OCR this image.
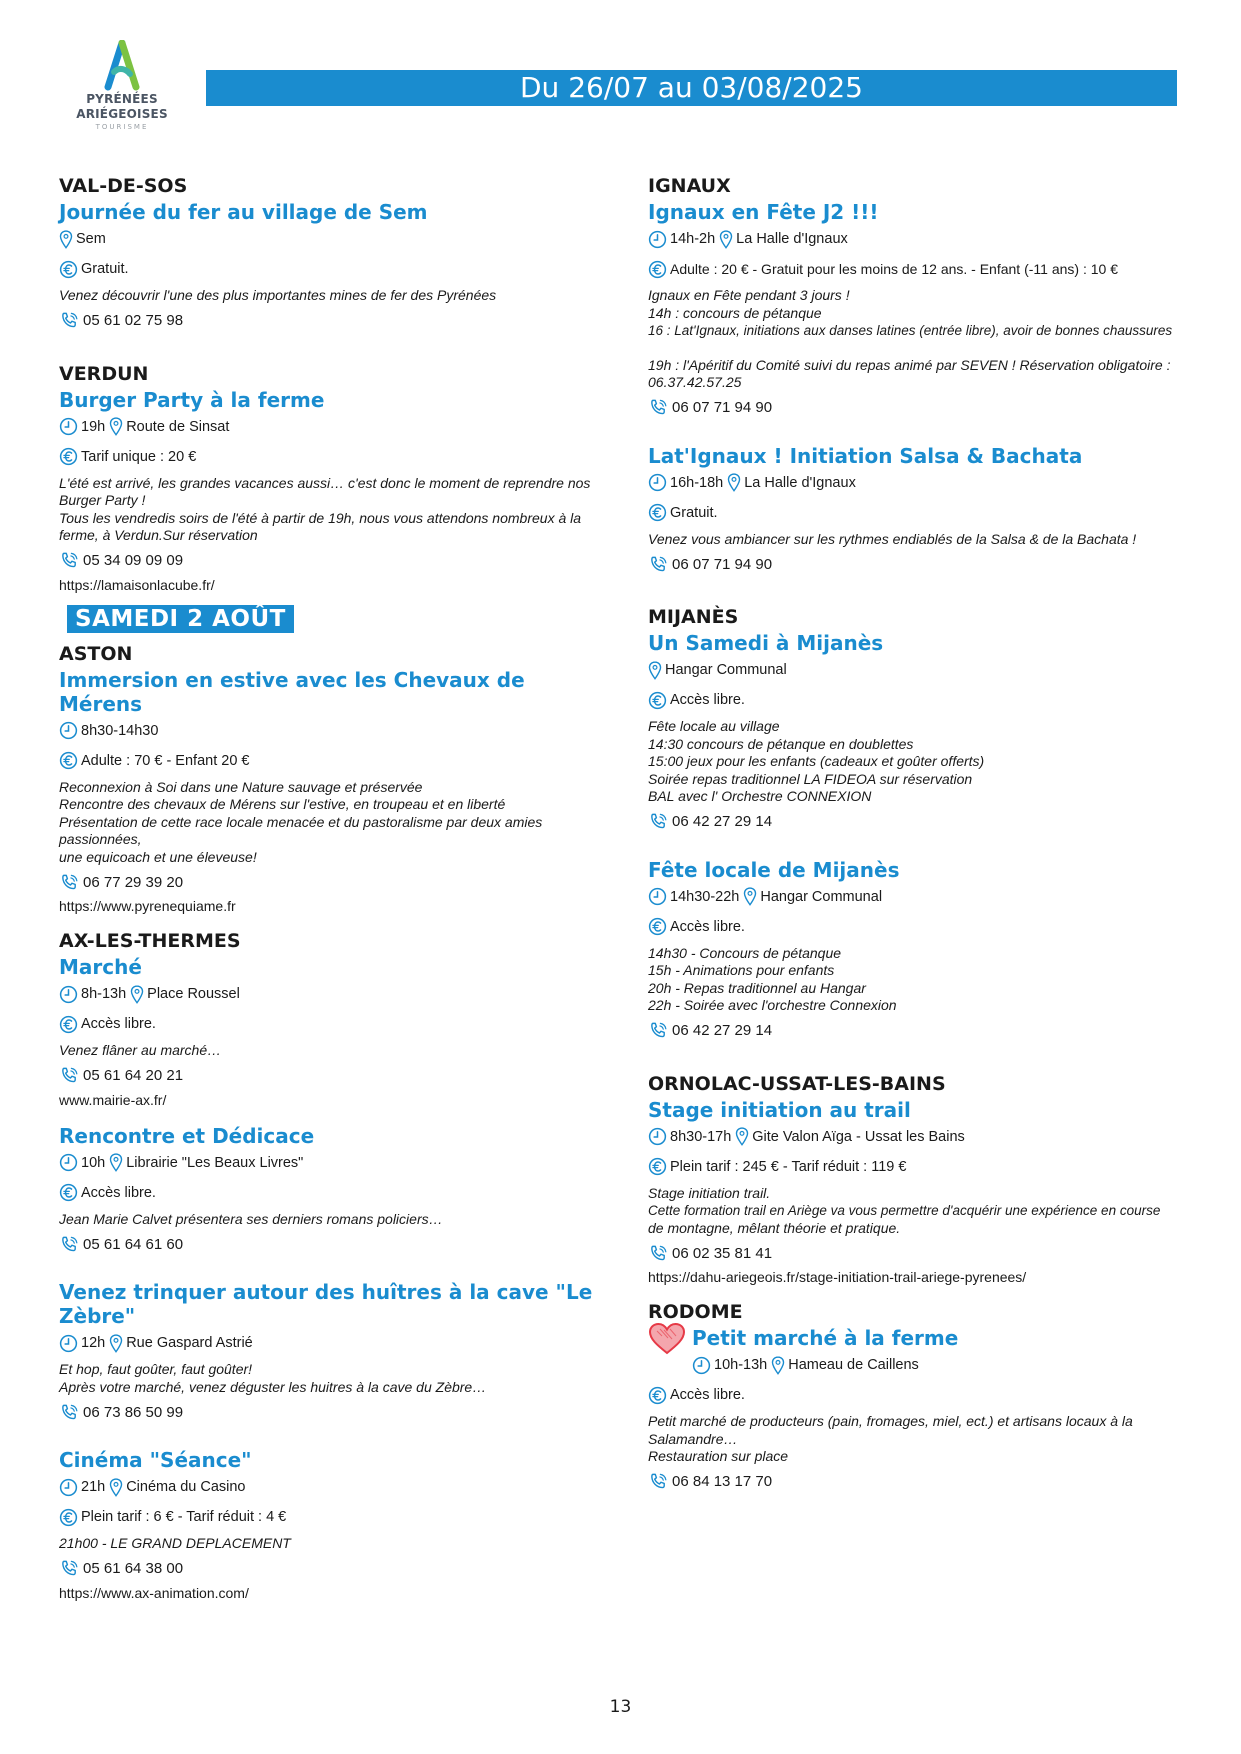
PYRÉNÉES
ARIÉGEOISES
TOURISME
Du 26/07 au 03/08/2025
VAL-DE-SOS
Journée du fer au village de Sem
Sem
Gratuit.
Venez découvrir l'une des plus importantes mines de fer des Pyrénées
05 61 02 75 98
VERDUN
Burger Party à la ferme
19h Route de Sinsat
Tarif unique : 20 €
L'été est arrivé, les grandes vacances aussi… c'est donc le moment de reprendre nos
Burger Party !
Tous les vendredis soirs de l'été à partir de 19h, nous vous attendons nombreux à la
ferme, à Verdun.Sur réservation
05 34 09 09 09
https://lamaisonlacube.fr/
SAMEDI 2 AOÛT
ASTON
Immersion en estive avec les Chevaux de Mérens
8h30-14h30
Adulte : 70 € - Enfant 20 €
Reconnexion à Soi dans une Nature sauvage et préservée
Rencontre des chevaux de Mérens sur l'estive, en troupeau et en liberté
Présentation de cette race locale menacée et du pastoralisme par deux amies passionnées,
une equicoach et une éleveuse!
06 77 29 39 20
https://www.pyrenequiame.fr
AX-LES-THERMES
Marché
8h-13h Place Roussel
Accès libre.
Venez flâner au marché…
05 61 64 20 21
www.mairie-ax.fr/
Rencontre et Dédicace
10h Librairie "Les Beaux Livres"
Accès libre.
Jean Marie Calvet présentera ses derniers romans policiers…
05 61 64 61 60
Venez trinquer autour des huîtres à la cave "Le Zèbre"
12h Rue Gaspard Astrié
Et hop, faut goûter, faut goûter!
Après votre marché, venez déguster les huitres à la cave du Zèbre…
06 73 86 50 99
Cinéma "Séance"
21h Cinéma du Casino
Plein tarif : 6 € - Tarif réduit : 4 €
21h00 - LE GRAND DEPLACEMENT
05 61 64 38 00
https://www.ax-animation.com/
IGNAUX
Ignaux en Fête J2 !!!
14h-2h La Halle d'Ignaux
Adulte : 20 € - Gratuit pour les moins de 12 ans. - Enfant (-11 ans) : 10 €
Ignaux en Fête pendant 3 jours !
14h : concours de pétanque
16 : Lat'Ignaux, initiations aux danses latines (entrée libre), avoir de bonnes chaussures
19h : l'Apéritif du Comité suivi du repas animé par SEVEN ! Réservation obligatoire :
06.37.42.57.25
06 07 71 94 90
Lat'Ignaux ! Initiation Salsa & Bachata
16h-18h La Halle d'Ignaux
Gratuit.
Venez vous ambiancer sur les rythmes endiablés de la Salsa & de la Bachata !
06 07 71 94 90
MIJANÈS
Un Samedi à Mijanès
Hangar Communal
Accès libre.
Fête locale au village
14:30 concours de pétanque en doublettes
15:00 jeux pour les enfants (cadeaux et goûter offerts)
Soirée repas traditionnel LA FIDEOA sur réservation
BAL avec l' Orchestre CONNEXION
06 42 27 29 14
Fête locale de Mijanès
14h30-22h Hangar Communal
Accès libre.
14h30 - Concours de pétanque
15h - Animations pour enfants
20h - Repas traditionnel au Hangar
22h - Soirée avec l'orchestre Connexion
06 42 27 29 14
ORNOLAC-USSAT-LES-BAINS
Stage initiation au trail
8h30-17h Gite Valon Aïga - Ussat les Bains
Plein tarif : 245 € - Tarif réduit : 119 €
Stage initiation trail.
Cette formation trail en Ariège va vous permettre d'acquérir une expérience en course
de montagne, mêlant théorie et pratique.
06 02 35 81 41
https://dahu-ariegeois.fr/stage-initiation-trail-ariege-pyrenees/
RODOME
Petit marché à la ferme
10h-13h Hameau de Caillens
Accès libre.
Petit marché de producteurs (pain, fromages, miel, ect.) et artisans locaux à la
Salamandre…
Restauration sur place
06 84 13 17 70
13
